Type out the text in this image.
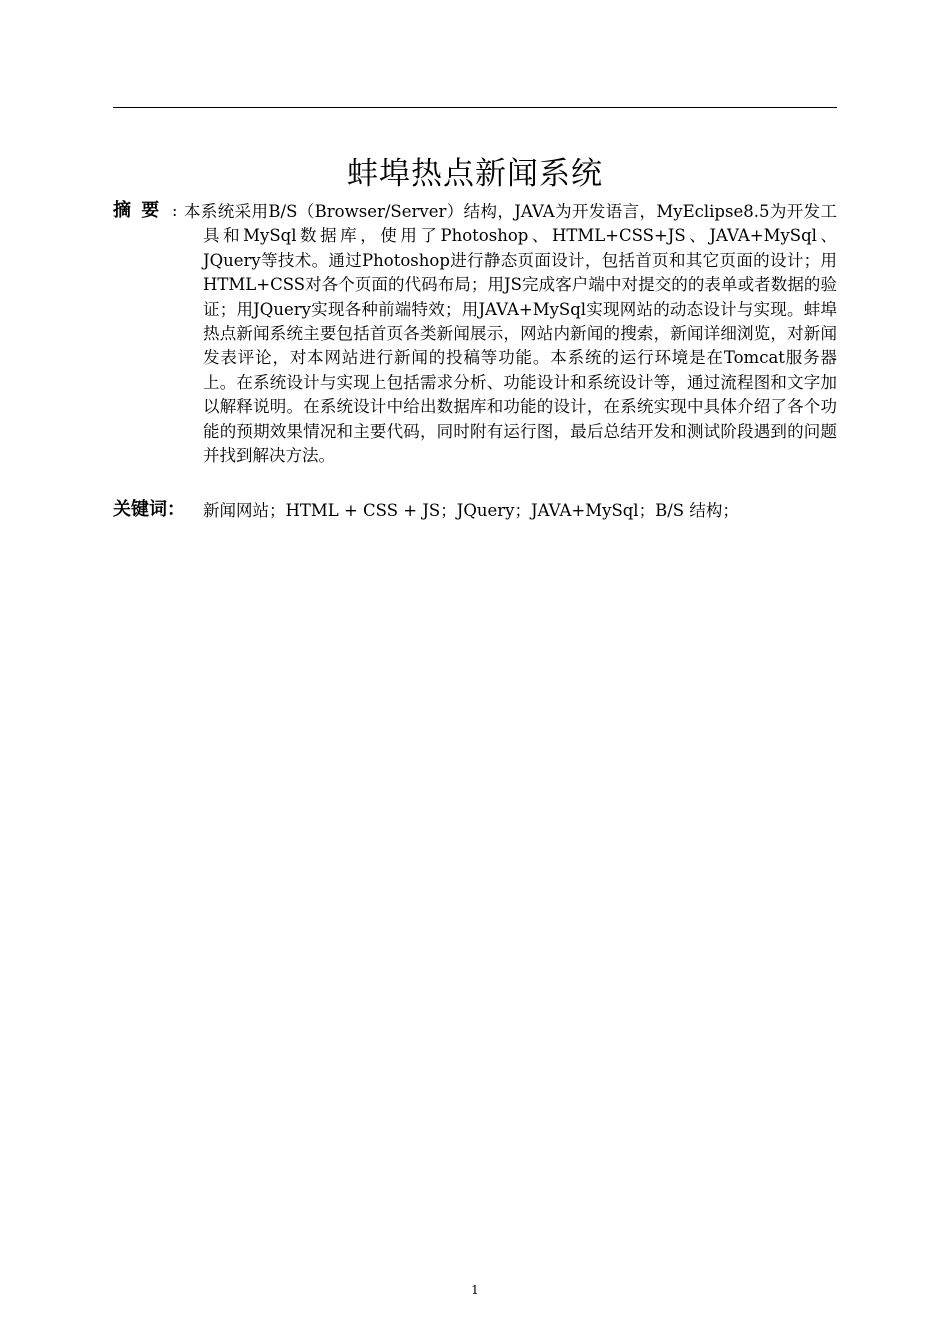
蚌埠热点新闻系统
摘 要 : 本系统采用B/S（Browser/Server）结构，JAVA为开发语言，MyEclipse8.5为开发工具和MySql数据库，使用了Photoshop、HTML+CSS+JS、JAVA+MySql、JQuery等技术。通过Photoshop进行静态页面设计，包括首页和其它页面的设计；用HTML+CSS对各个页面的代码布局；用JS完成客户端中对提交的的表单或者数据的验证；用JQuery实现各种前端特效；用JAVA+MySql实现网站的动态设计与实现。蚌埠热点新闻系统主要包括首页各类新闻展示，网站内新闻的搜索，新闻详细浏览，对新闻发表评论，对本网站进行新闻的投稿等功能。本系统的运行环境是在Tomcat服务器上。在系统设计与实现上包括需求分析、功能设计和系统设计等，通过流程图和文字加以解释说明。在系统设计中给出数据库和功能的设计，在系统实现中具体介绍了各个功能的预期效果情况和主要代码，同时附有运行图，最后总结开发和测试阶段遇到的问题并找到解决方法。
关键词： 新闻网站；HTML + CSS + JS；JQuery；JAVA+MySql；B/S 结构；
1
